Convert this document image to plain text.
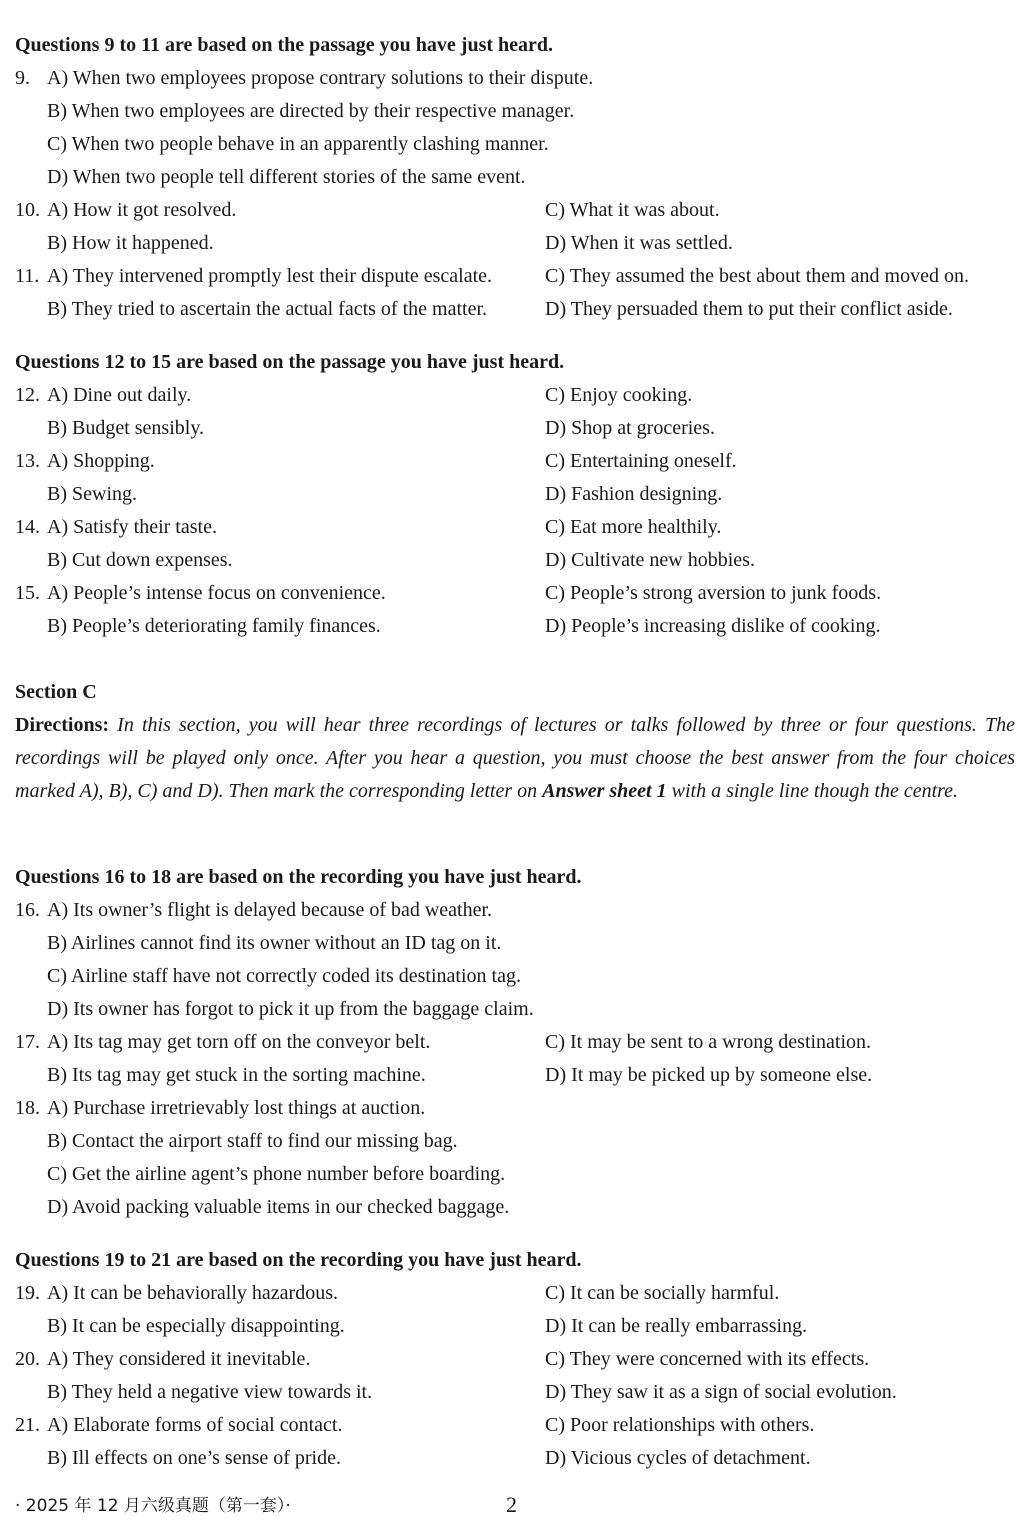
Questions 9 to 11 are based on the passage you have just heard.
9. A) When two employees propose contrary solutions to their dispute.
B) When two employees are directed by their respective manager.
C) When two people behave in an apparently clashing manner.
D) When two people tell different stories of the same event.
10. A) How it got resolved.	C) What it was about.
B) How it happened.	D) When it was settled.
11. A) They intervened promptly lest their dispute escalate.	C) They assumed the best about them and moved on.
B) They tried to ascertain the actual facts of the matter.	D) They persuaded them to put their conflict aside.
Questions 12 to 15 are based on the passage you have just heard.
12. A) Dine out daily.	C) Enjoy cooking.
B) Budget sensibly.	D) Shop at groceries.
13. A) Shopping.	C) Entertaining oneself.
B) Sewing.	D) Fashion designing.
14. A) Satisfy their taste.	C) Eat more healthily.
B) Cut down expenses.	D) Cultivate new hobbies.
15. A) People’s intense focus on convenience.	C) People’s strong aversion to junk foods.
B) People’s deteriorating family finances.	D) People’s increasing dislike of cooking.
Questions 16 to 18 are based on the recording you have just heard.
16. A) Its owner’s flight is delayed because of bad weather.
B) Airlines cannot find its owner without an ID tag on it.
C) Airline staff have not correctly coded its destination tag.
D) Its owner has forgot to pick it up from the baggage claim.
17. A) Its tag may get torn off on the conveyor belt.	C) It may be sent to a wrong destination.
B) Its tag may get stuck in the sorting machine.	D) It may be picked up by someone else.
18. A) Purchase irretrievably lost things at auction.
B) Contact the airport staff to find our missing bag.
C) Get the airline agent’s phone number before boarding.
D) Avoid packing valuable items in our checked baggage.
Questions 19 to 21 are based on the recording you have just heard.
19. A) It can be behaviorally hazardous.	C) It can be socially harmful.
B) It can be especially disappointing.	D) It can be really embarrassing.
20. A) They considered it inevitable.	C) They were concerned with its effects.
B) They held a negative view towards it.	D) They saw it as a sign of social evolution.
21. A) Elaborate forms of social contact.	C) Poor relationships with others.
B) Ill effects on one’s sense of pride.	D) Vicious cycles of detachment.
Section C
Directions: In this section, you will hear three recordings of lectures or talks followed by three or four questions. The recordings will be played only once. After you hear a question, you must choose the best answer from the four choices marked A), B), C) and D). Then mark the corresponding letter on Answer sheet 1 with a single line though the centre.
· 2025 年 12 月六级真题（第一套）·	2
